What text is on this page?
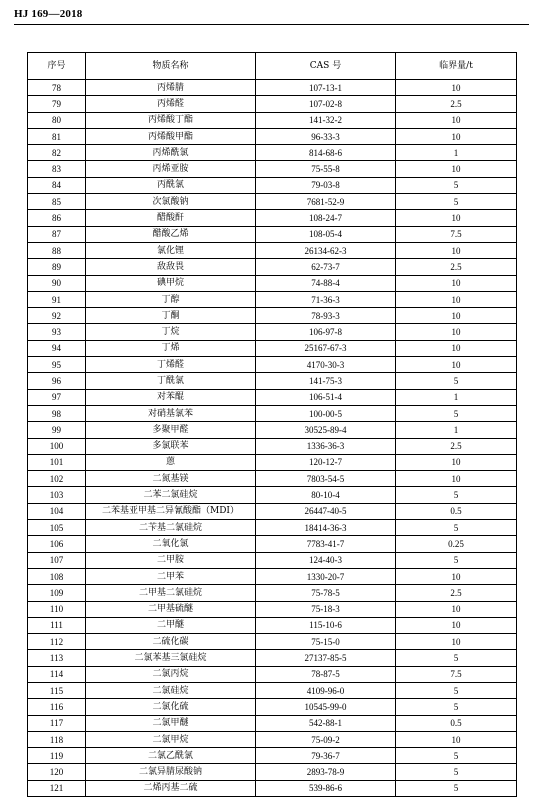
HJ 169—2018
序号	物质名称	CAS 号	临界量/t
78	丙烯腈	107-13-1	10
79	丙烯醛	107-02-8	2.5
80	丙烯酸丁酯	141-32-2	10
81	丙烯酸甲酯	96-33-3	10
82	丙烯酰氯	814-68-6	1
83	丙烯亚胺	75-55-8	10
84	丙酰氯	79-03-8	5
85	次氯酸钠	7681-52-9	5
86	醋酸酐	108-24-7	10
87	醋酸乙烯	108-05-4	7.5
88	氯化锂	26134-62-3	10
89	敌敌畏	62-73-7	2.5
90	碘甲烷	74-88-4	10
91	丁醇	71-36-3	10
92	丁酮	78-93-3	10
93	丁烷	106-97-8	10
94	丁烯	25167-67-3	10
95	丁烯醛	4170-30-3	10
96	丁酰氯	141-75-3	5
97	对苯醌	106-51-4	1
98	对硝基氯苯	100-00-5	5
99	多聚甲醛	30525-89-4	1
100	多氯联苯	1336-36-3	2.5
101	蒽	120-12-7	10
102	二氮基镁	7803-54-5	10
103	二苯二氯硅烷	80-10-4	5
104	二苯基亚甲基二异氰酸酯（MDI）	26447-40-5	0.5
105	二苄基二氯硅烷	18414-36-3	5
106	二氧化氯	7783-41-7	0.25
107	二甲胺	124-40-3	5
108	二甲苯	1330-20-7	10
109	二甲基二氯硅烷	75-78-5	2.5
110	二甲基硫醚	75-18-3	10
111	二甲醚	115-10-6	10
112	二硫化碳	75-15-0	10
113	二氯苯基三氯硅烷	27137-85-5	5
114	二氯丙烷	78-87-5	7.5
115	二氯硅烷	4109-96-0	5
116	二氯化硫	10545-99-0	5
117	二氯甲醚	542-88-1	0.5
118	二氯甲烷	75-09-2	10
119	二氯乙酰氯	79-36-7	5
120	二氯异腈尿酸钠	2893-78-9	5
121	二烯丙基二硫	539-86-6	5
